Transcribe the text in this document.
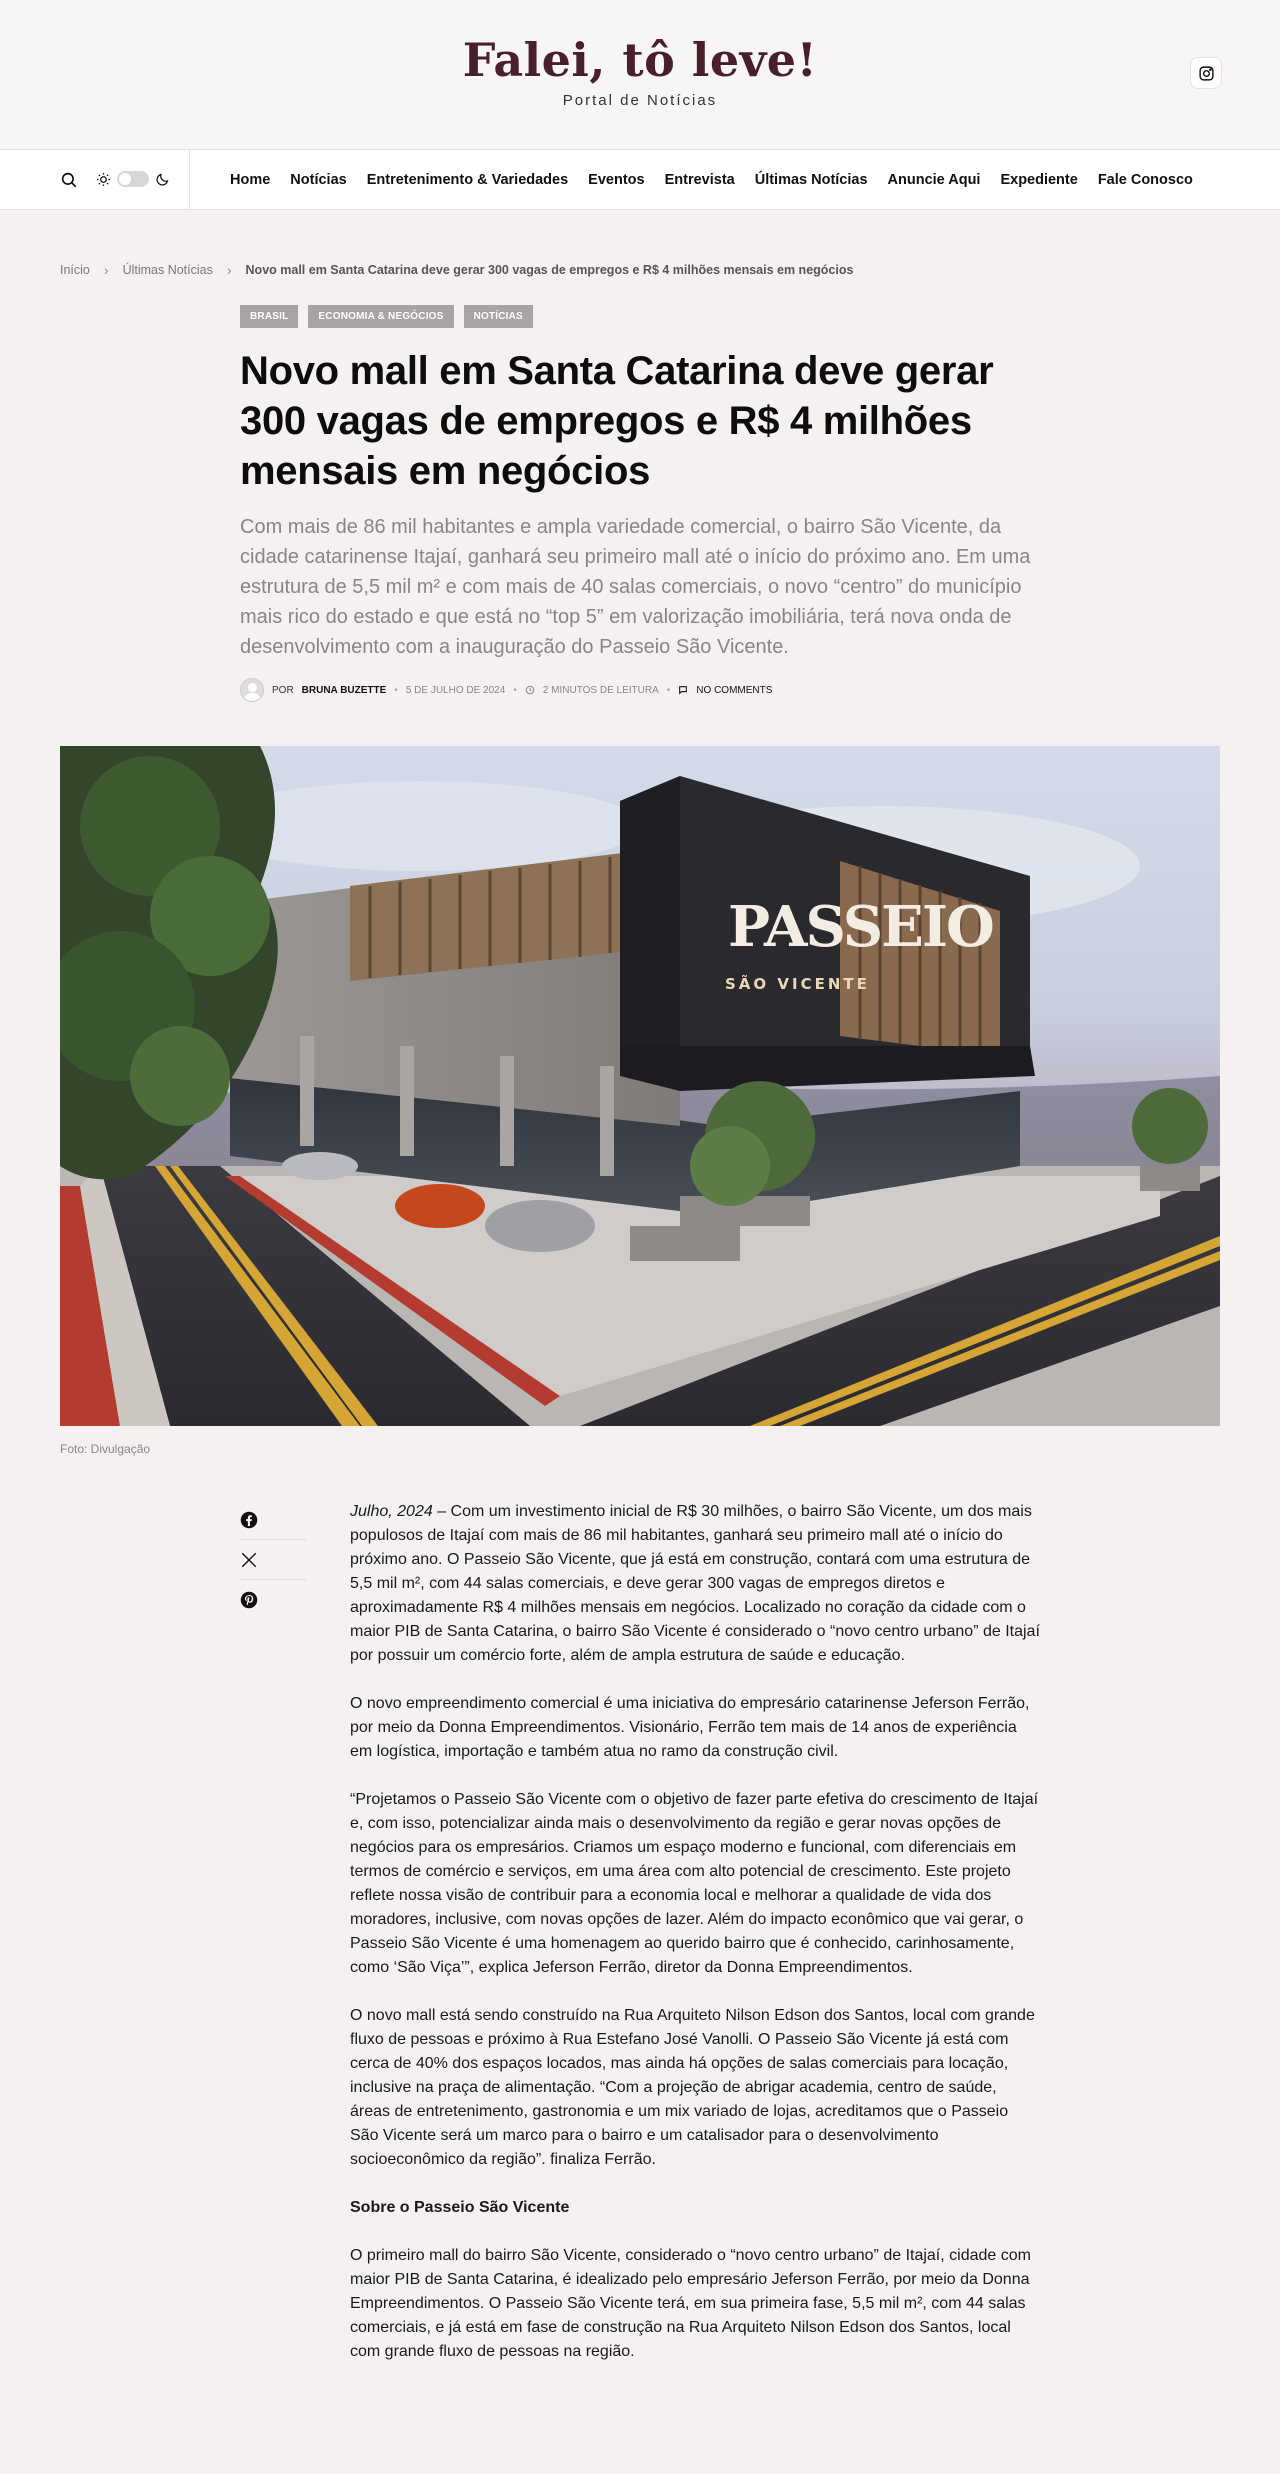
Falei, tô leve!
Portal de Notícias
Home Notícias Entretenimento & Variedades Eventos Entrevista Últimas Notícias Anuncie Aqui Expediente Fale Conosco
Início › Últimas Notícias › Novo mall em Santa Catarina deve gerar 300 vagas de empregos e R$ 4 milhões mensais em negócios
BRASIL	ECONOMIA & NEGÓCIOS	NOTÍCIAS
Novo mall em Santa Catarina deve gerar 300 vagas de empregos e R$ 4 milhões mensais em negócios

Com mais de 86 mil habitantes e ampla variedade comercial, o bairro São Vicente, da cidade catarinense Itajaí, ganhará seu primeiro mall até o início do próximo ano. Em uma estrutura de 5,5 mil m² e com mais de 40 salas comerciais, o novo “centro” do município mais rico do estado e que está no “top 5” em valorização imobiliária, terá nova onda de desenvolvimento com a inauguração do Passeio São Vicente.

POR BRUNA BUZETTE • 5 DE JULHO DE 2024 •	2 MINUTOS DE LEITURA •	NO COMMENTS
PASSEIO
SÃO VICENTE
Foto: Divulgação

Julho, 2024 – Com um investimento inicial de R$ 30 milhões, o bairro São Vicente, um dos mais populosos de Itajaí com mais de 86 mil habitantes, ganhará seu primeiro mall até o início do próximo ano. O Passeio São Vicente, que já está em construção, contará com uma estrutura de 5,5 mil m², com 44 salas comerciais, e deve gerar 300 vagas de empregos diretos e aproximadamente R$ 4 milhões mensais em negócios. Localizado no coração da cidade com o maior PIB de Santa Catarina, o bairro São Vicente é considerado o “novo centro urbano” de Itajaí por possuir um comércio forte, além de ampla estrutura de saúde e educação.

O novo empreendimento comercial é uma iniciativa do empresário catarinense Jeferson Ferrão, por meio da Donna Empreendimentos. Visionário, Ferrão tem mais de 14 anos de experiência em logística, importação e também atua no ramo da construção civil.

“Projetamos o Passeio São Vicente com o objetivo de fazer parte efetiva do crescimento de Itajaí e, com isso, potencializar ainda mais o desenvolvimento da região e gerar novas opções de negócios para os empresários. Criamos um espaço moderno e funcional, com diferenciais em termos de comércio e serviços, em uma área com alto potencial de crescimento. Este projeto reflete nossa visão de contribuir para a economia local e melhorar a qualidade de vida dos moradores, inclusive, com novas opções de lazer. Além do impacto econômico que vai gerar, o Passeio São Vicente é uma homenagem ao querido bairro que é conhecido, carinhosamente, como ‘São Viça’”, explica Jeferson Ferrão, diretor da Donna Empreendimentos.

O novo mall está sendo construído na Rua Arquiteto Nilson Edson dos Santos, local com grande fluxo de pessoas e próximo à Rua Estefano José Vanolli. O Passeio São Vicente já está com cerca de 40% dos espaços locados, mas ainda há opções de salas comerciais para locação, inclusive na praça de alimentação. “Com a projeção de abrigar academia, centro de saúde, áreas de entretenimento, gastronomia e um mix variado de lojas, acreditamos que o Passeio São Vicente será um marco para o bairro e um catalisador para o desenvolvimento socioeconômico da região”. finaliza Ferrão.

Sobre o Passeio São Vicente

O primeiro mall do bairro São Vicente, considerado o “novo centro urbano” de Itajaí, cidade com maior PIB de Santa Catarina, é idealizado pelo empresário Jeferson Ferrão, por meio da Donna Empreendimentos. O Passeio São Vicente terá, em sua primeira fase, 5,5 mil m², com 44 salas comerciais, e já está em fase de construção na Rua Arquiteto Nilson Edson dos Santos, local com grande fluxo de pessoas na região.
